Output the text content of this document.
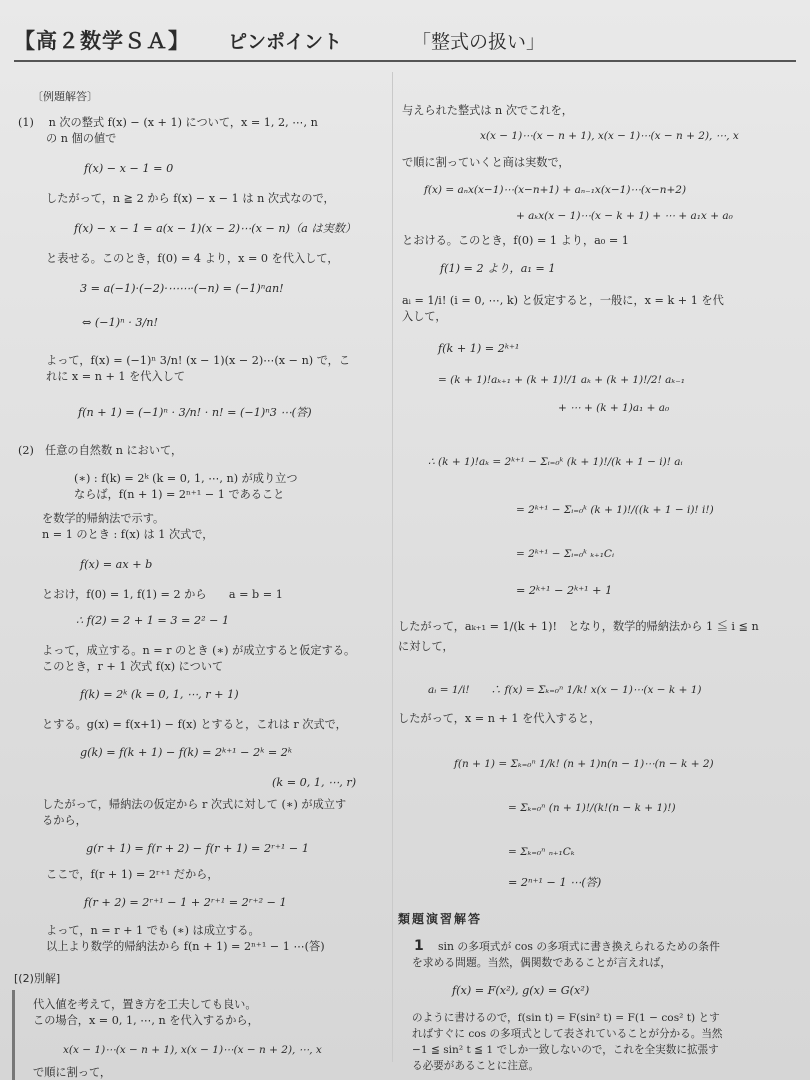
【高２数学ＳＡ】 ピンポイント	「整式の扱い」
〔例題解答〕
(1)　 n 次の整式 f(x) − (x + 1) について，x = 1, 2, ⋯, n
の n 個の値で
f(x) − x − 1 = 0
したがって，n ≧ 2 から f(x) − x − 1 は n 次式なので，
f(x) − x − 1 = a(x − 1)(x − 2)⋯(x − n)（a は実数）
と表せる。このとき，f(0) = 4 より，x = 0 を代入して，
3 = a(−1)·(−2)·⋯⋯·(−n) = (−1)ⁿan!
⇔ (−1)ⁿ · 3/n!
よって，f(x) = (−1)ⁿ 3/n! (x − 1)(x − 2)⋯(x − n) で，こ
れに x = n + 1 を代入して
f(n + 1) = (−1)ⁿ · 3/n! · n! = (−1)ⁿ3 ⋯(答)
(2)　任意の自然数 n において，
(∗) : f(k) = 2ᵏ (k = 0, 1, ⋯, n) が成り立つ
ならば，f(n + 1) = 2ⁿ⁺¹ − 1 であること
を数学的帰納法で示す。
n = 1 のとき : f(x) は 1 次式で，
f(x) = ax + b
とおけ，f(0) = 1, f(1) = 2 から　　a = b = 1
∴ f(2) = 2 + 1 = 3 = 2² − 1
よって，成立する。n = r のとき (∗) が成立すると仮定する。
このとき，r + 1 次式 f(x) について
f(k) = 2ᵏ (k = 0, 1, ⋯, r + 1)
とする。g(x) = f(x+1) − f(x) とすると，これは r 次式で，
g(k) = f(k + 1) − f(k) = 2ᵏ⁺¹ − 2ᵏ = 2ᵏ
(k = 0, 1, ⋯, r)
したがって，帰納法の仮定から r 次式に対して (∗) が成立す
るから，
g(r + 1) = f(r + 2) − f(r + 1) = 2ʳ⁺¹ − 1
ここで，f(r + 1) = 2ʳ⁺¹ だから，
f(r + 2) = 2ʳ⁺¹ − 1 + 2ʳ⁺¹ = 2ʳ⁺² − 1
よって，n = r + 1 でも (∗) は成立する。
以上より数学的帰納法から f(n + 1) = 2ⁿ⁺¹ − 1 ⋯(答)
[(2)別解]
代入値を考えて，置き方を工夫しても良い。
この場合，x = 0, 1, ⋯, n を代入するから，
x(x − 1)⋯(x − n + 1), x(x − 1)⋯(x − n + 2), ⋯, x
で順に割って，
与えられた整式は n 次でこれを，
x(x − 1)⋯(x − n + 1), x(x − 1)⋯(x − n + 2), ⋯, x
で順に割っていくと商は実数で，
f(x) = aₙx(x−1)⋯(x−n+1) + aₙ₋₁x(x−1)⋯(x−n+2)
+ aₖx(x − 1)⋯(x − k + 1) + ⋯ + a₁x + a₀
とおける。このとき，f(0) = 1 より，a₀ = 1
f(1) = 2 より，a₁ = 1
aᵢ = 1/i! (i = 0, ⋯, k) と仮定すると，一般に，x = k + 1 を代
入して，
f(k + 1) = 2ᵏ⁺¹
= (k + 1)!aₖ₊₁ + (k + 1)!/1 aₖ + (k + 1)!/2! aₖ₋₁
+ ⋯ + (k + 1)a₁ + a₀
∴ (k + 1)!aₖ = 2ᵏ⁺¹ − Σᵢ₌₀ᵏ (k + 1)!/(k + 1 − i)! aᵢ
= 2ᵏ⁺¹ − Σᵢ₌₀ᵏ (k + 1)!/((k + 1 − i)! i!)
= 2ᵏ⁺¹ − Σᵢ₌₀ᵏ ₖ₊₁Cᵢ
= 2ᵏ⁺¹ − 2ᵏ⁺¹ + 1
したがって，aₖ₊₁ = 1/(k + 1)!　となり，数学的帰納法から 1 ≦ i ≦ n
に対して，
aᵢ = 1/i!　　∴ f(x) = Σₖ₌₀ⁿ 1/k! x(x − 1)⋯(x − k + 1)
したがって，x = n + 1 を代入すると，
f(n + 1) = Σₖ₌₀ⁿ 1/k! (n + 1)n(n − 1)⋯(n − k + 2)
= Σₖ₌₀ⁿ (n + 1)!/(k!(n − k + 1)!)
= Σₖ₌₀ⁿ ₙ₊₁Cₖ
= 2ⁿ⁺¹ − 1 ⋯(答)
類題演習解答
1 sin の多項式が cos の多項式に書き換えられるための条件
を求める問題。当然，偶関数であることが言えれば，
f(x) = F(x²), g(x) = G(x²)
のように書けるので，f(sin t) = F(sin² t) = F(1 − cos² t) とす
ればすぐに cos の多項式として表されていることが分かる。当然
−1 ≦ sin² t ≦ 1 でしか一致しないので，これを全実数に拡張す
る必要があることに注意。
